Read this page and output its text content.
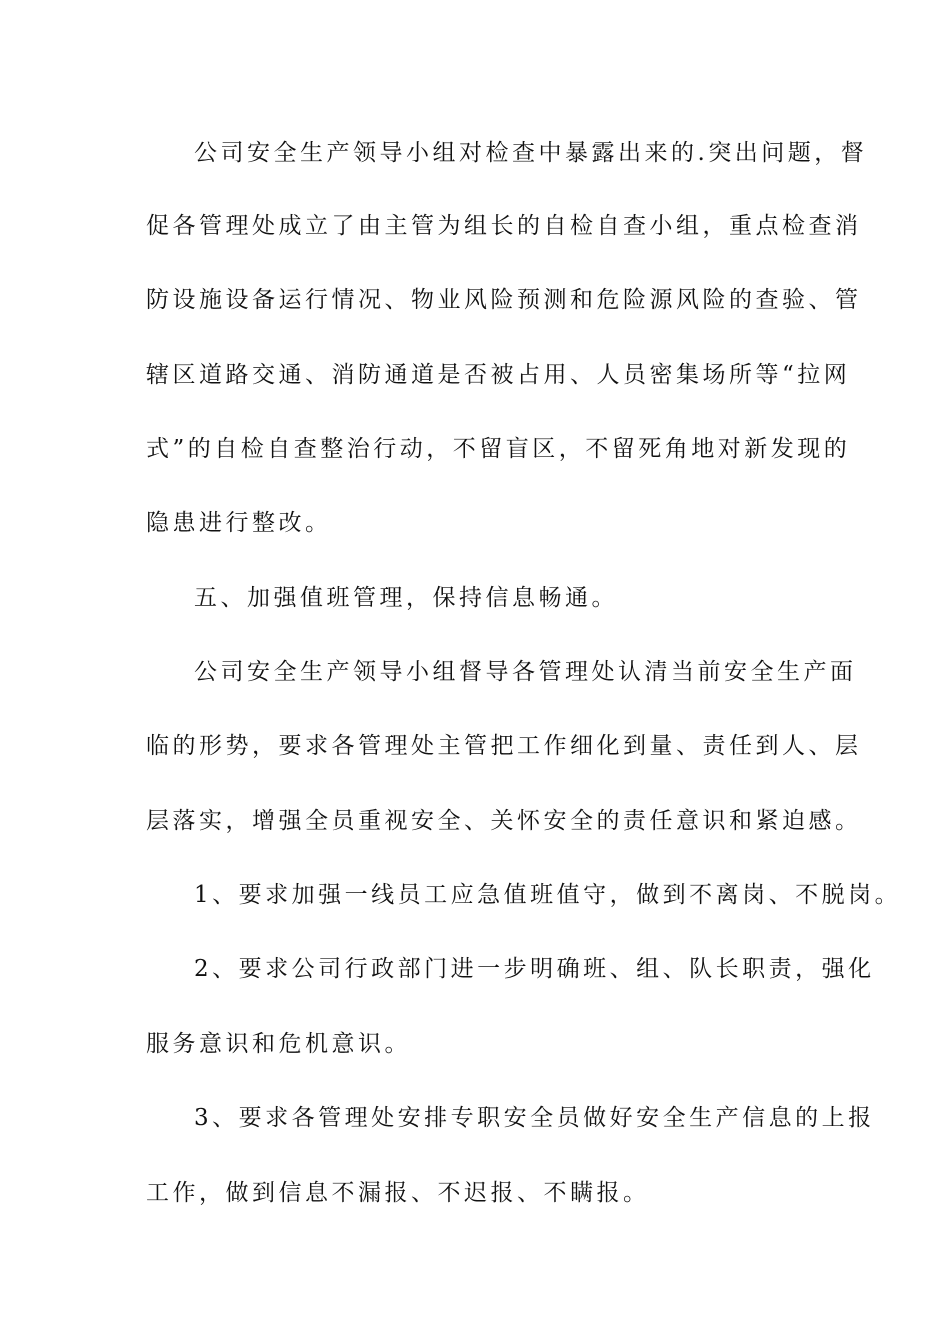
公司安全生产领导小组对检查中暴露出来的.突出问题，督
促各管理处成立了由主管为组长的自检自查小组，重点检查消
防设施设备运行情况、物业风险预测和危险源风险的查验、管
辖区道路交通、消防通道是否被占用、人员密集场所等“拉网
式”的自检自查整治行动，不留盲区，不留死角地对新发现的
隐患进行整改。
五、加强值班管理，保持信息畅通。
公司安全生产领导小组督导各管理处认清当前安全生产面
临的形势，要求各管理处主管把工作细化到量、责任到人、层
层落实，增强全员重视安全、关怀安全的责任意识和紧迫感。
1、要求加强一线员工应急值班值守，做到不离岗、不脱岗。
2、要求公司行政部门进一步明确班、组、队长职责，强化
服务意识和危机意识。
3、要求各管理处安排专职安全员做好安全生产信息的上报
工作，做到信息不漏报、不迟报、不瞒报。
